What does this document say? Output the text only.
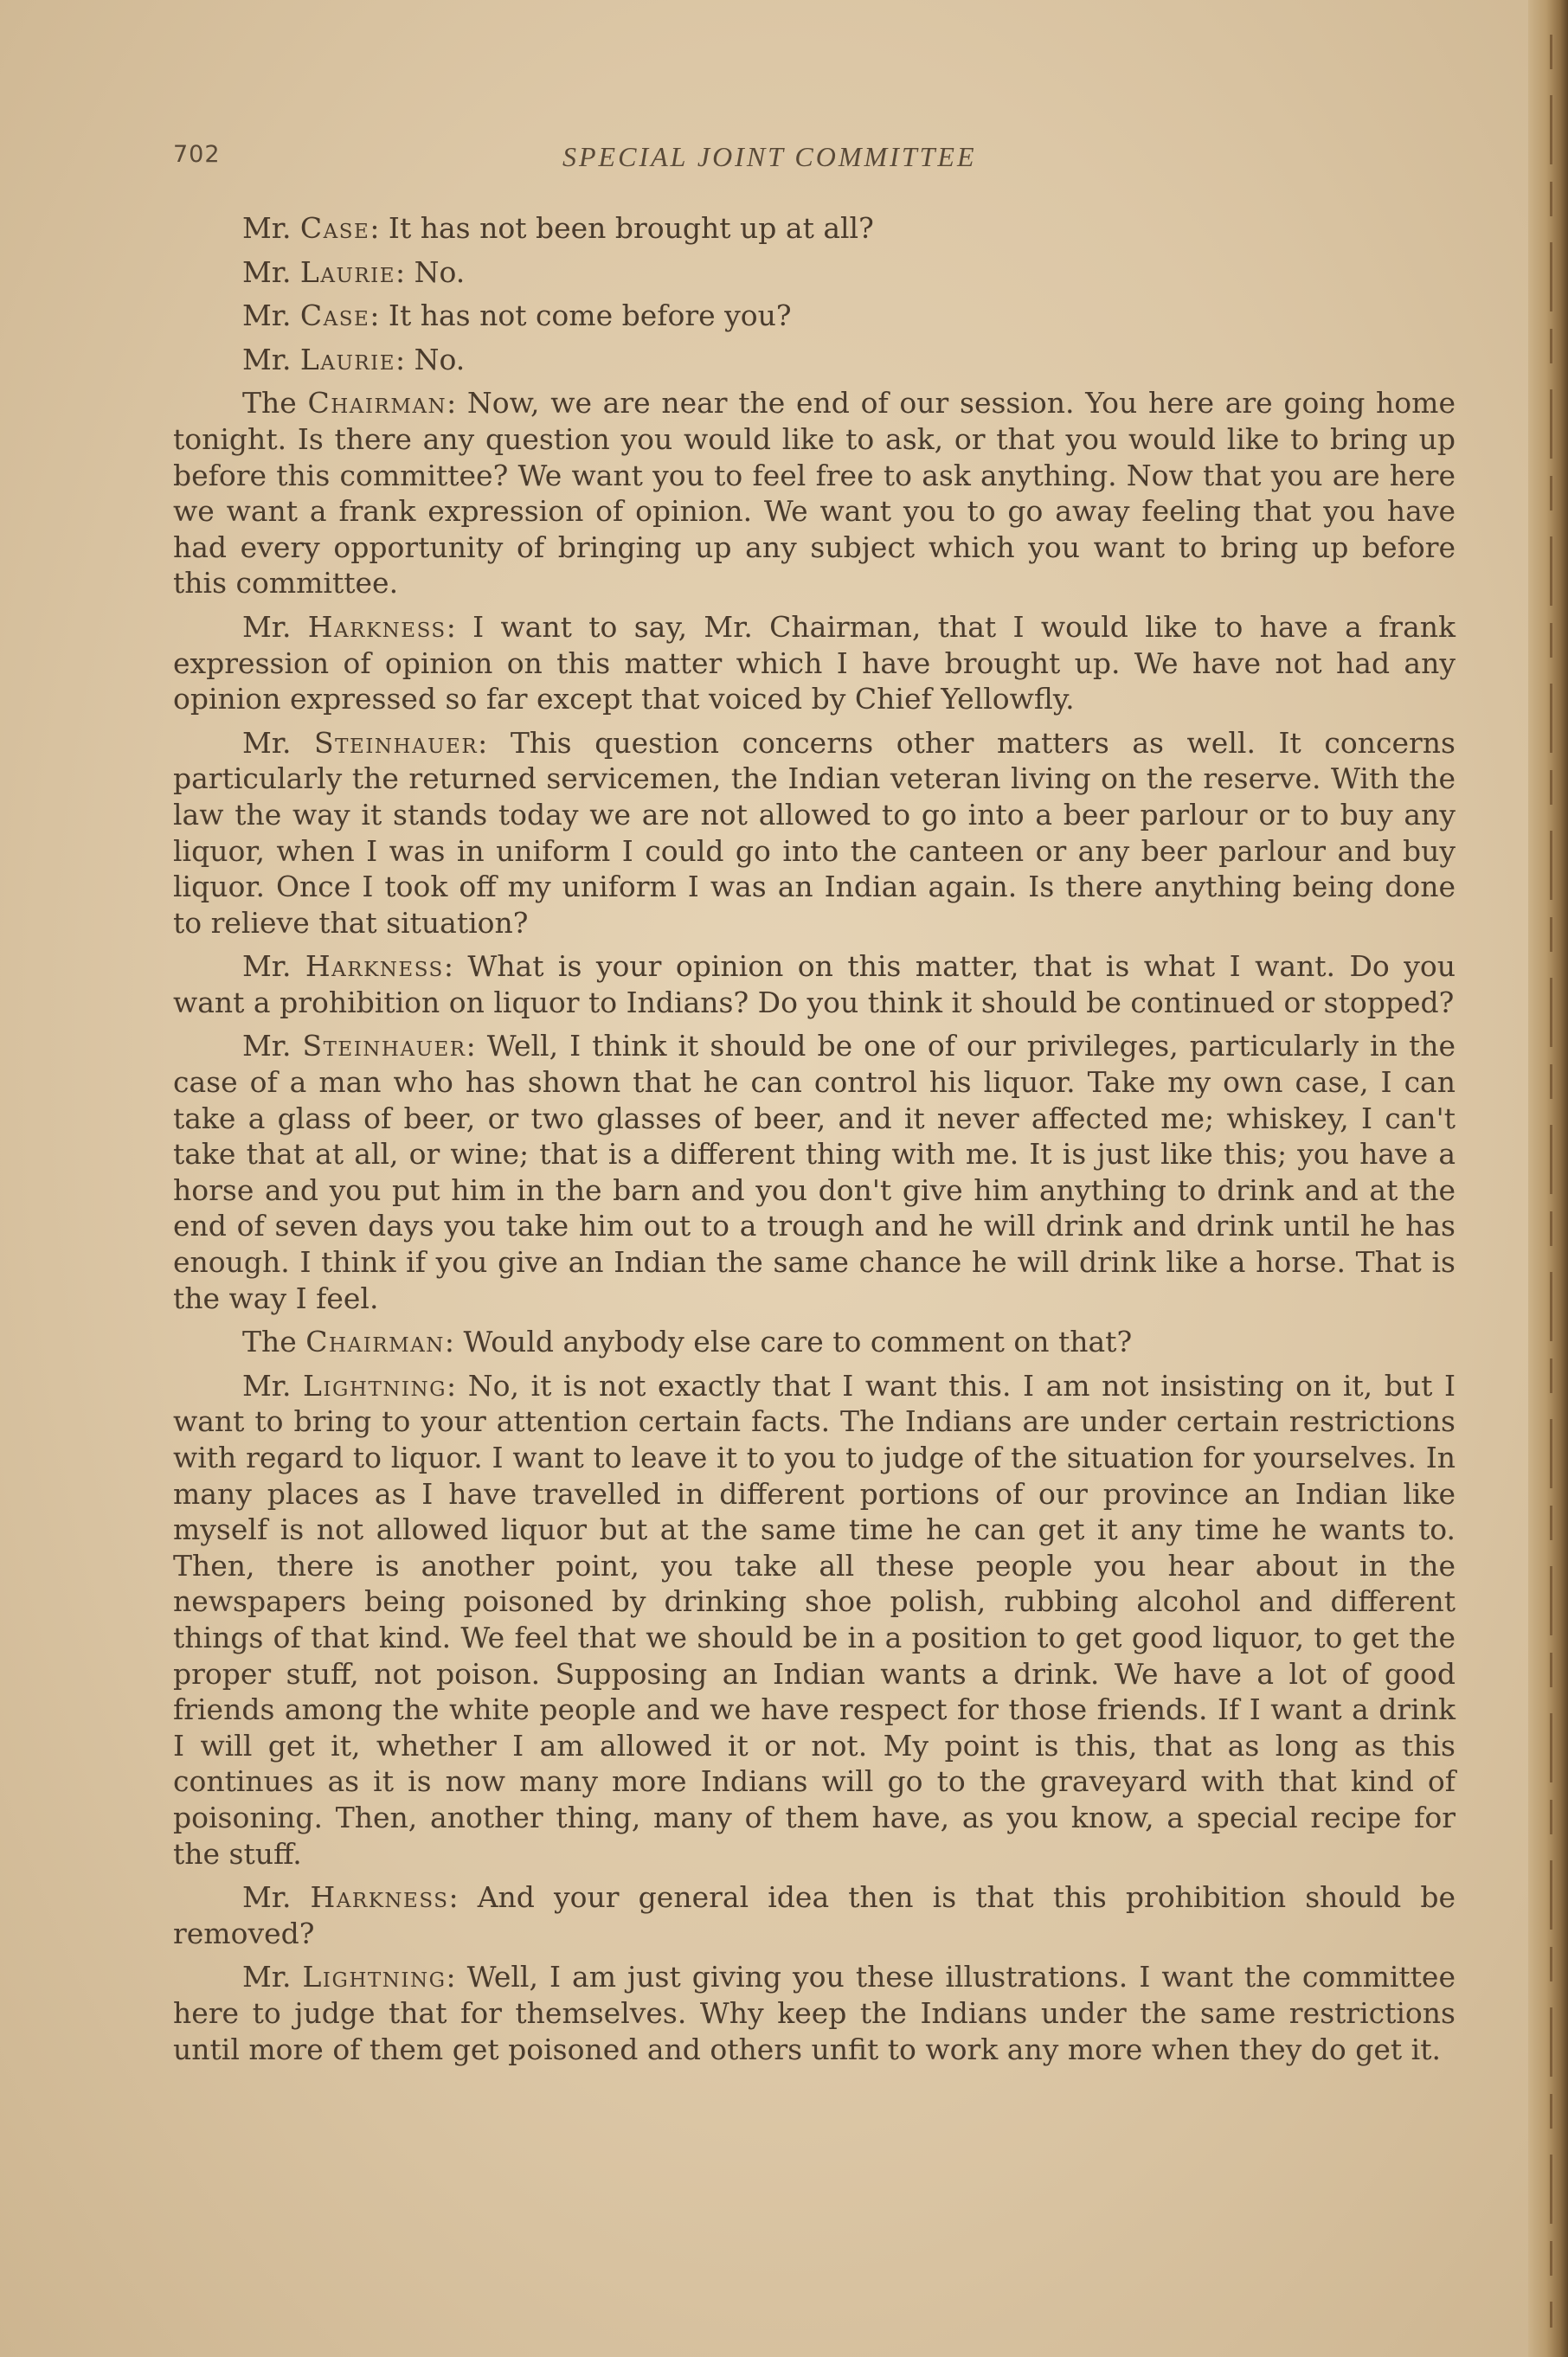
702	SPECIAL JOINT COMMITTEE

Mr. Case: It has not been brought up at all?

Mr. Laurie: No.

Mr. Case: It has not come before you?

Mr. Laurie: No.

The Chairman: Now, we are near the end of our session. You here are going home tonight. Is there any question you would like to ask, or that you would like to bring up before this committee? We want you to feel free to ask anything. Now that you are here we want a frank expression of opinion. We want you to go away feeling that you have had every opportunity of bringing up any subject which you want to bring up before this committee.

Mr. Harkness: I want to say, Mr. Chairman, that I would like to have a frank expression of opinion on this matter which I have brought up. We have not had any opinion expressed so far except that voiced by Chief Yellowfly.

Mr. Steinhauer: This question concerns other matters as well. It concerns particularly the returned servicemen, the Indian veteran living on the reserve. With the law the way it stands today we are not allowed to go into a beer parlour or to buy any liquor, when I was in uniform I could go into the canteen or any beer parlour and buy liquor. Once I took off my uniform I was an Indian again. Is there anything being done to relieve that situation?

Mr. Harkness: What is your opinion on this matter, that is what I want. Do you want a prohibition on liquor to Indians? Do you think it should be continued or stopped?

Mr. Steinhauer: Well, I think it should be one of our privileges, particularly in the case of a man who has shown that he can control his liquor. Take my own case, I can take a glass of beer, or two glasses of beer, and it never affected me; whiskey, I can't take that at all, or wine; that is a different thing with me. It is just like this; you have a horse and you put him in the barn and you don't give him anything to drink and at the end of seven days you take him out to a trough and he will drink and drink until he has enough. I think if you give an Indian the same chance he will drink like a horse. That is the way I feel.

The Chairman: Would anybody else care to comment on that?

Mr. Lightning: No, it is not exactly that I want this. I am not insisting on it, but I want to bring to your attention certain facts. The Indians are under certain restrictions with regard to liquor. I want to leave it to you to judge of the situation for yourselves. In many places as I have travelled in different portions of our province an Indian like myself is not allowed liquor but at the same time he can get it any time he wants to. Then, there is another point, you take all these people you hear about in the newspapers being poisoned by drinking shoe polish, rubbing alcohol and different things of that kind. We feel that we should be in a position to get good liquor, to get the proper stuff, not poison. Supposing an Indian wants a drink. We have a lot of good friends among the white people and we have respect for those friends. If I want a drink I will get it, whether I am allowed it or not. My point is this, that as long as this continues as it is now many more Indians will go to the graveyard with that kind of poisoning. Then, another thing, many of them have, as you know, a special recipe for the stuff.

Mr. Harkness: And your general idea then is that this prohibition should be removed?

Mr. Lightning: Well, I am just giving you these illustrations. I want the committee here to judge that for themselves. Why keep the Indians under the same restrictions until more of them get poisoned and others unfit to work any more when they do get it.
